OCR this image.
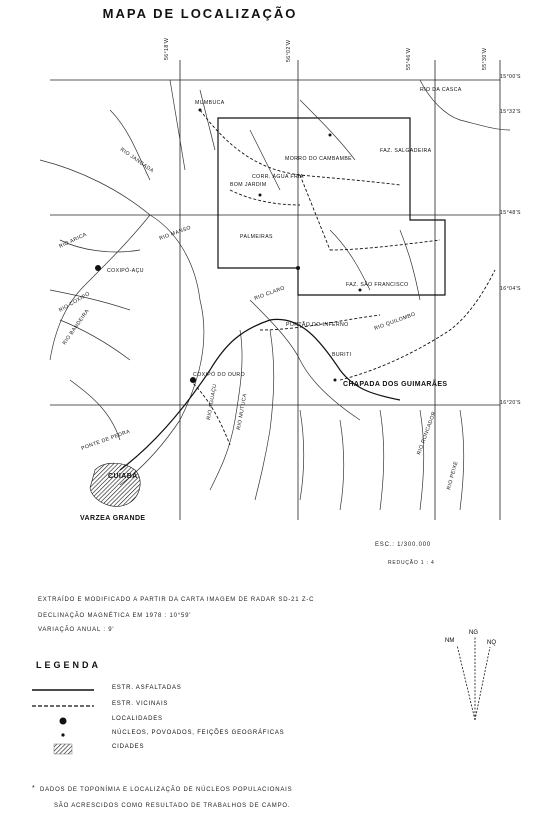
MAPA DE LOCALIZAÇÃO
56°18'W	56°02'W	55°46'W	55°30'W
15°00'S
15°32'S
15°48'S
16°04'S
16°20'S
CUIABÁ
VARZEA GRANDE
CHAPADA DOS GUIMARÃES
COXIPÓ-AÇU
COXIPÓ DO OURO
CORR. ÁGUA FRIA
PALMEIRAS
FAZ. SÃO FRANCISCO
BOM JARDIM
PORTÃO DO INFERNO
BURITI
MORRO DO CAMBAMBE
MUMBUCA
FAZ. SALGADEIRA
RIO DA CASCA
RIO ARICA	RIO MANSO
RIO COXIPÓ
RIO BANDEIRA
RIO CLARO
RIO AGUAÇU	RIO MUTUCA
RIO QUILOMBO
RIO RONCADOR
RIO PEIXE
RIO JANGADA
PONTE DE PEDRA
ESC.: 1/300.000
REDUÇÃO 1 : 4
EXTRAÍDO E MODIFICADO A PARTIR DA CARTA IMAGEM DE RADAR SD-21 Z-C
DECLINAÇÃO MAGNÉTICA EM 1978 : 10°59'
VARIAÇÃO ANUAL : 9'
NM
NG
NQ
LEGENDA
ESTR. ASFALTADAS
ESTR. VICINAIS
LOCALIDADES
NÚCLEOS, POVOADOS, FEIÇÕES GEOGRÁFICAS
CIDADES
* DADOS DE TOPONÍMIA E LOCALIZAÇÃO DE NÚCLEOS POPULACIONAIS
SÃO ACRESCIDOS COMO RESULTADO DE TRABALHOS DE CAMPO.
